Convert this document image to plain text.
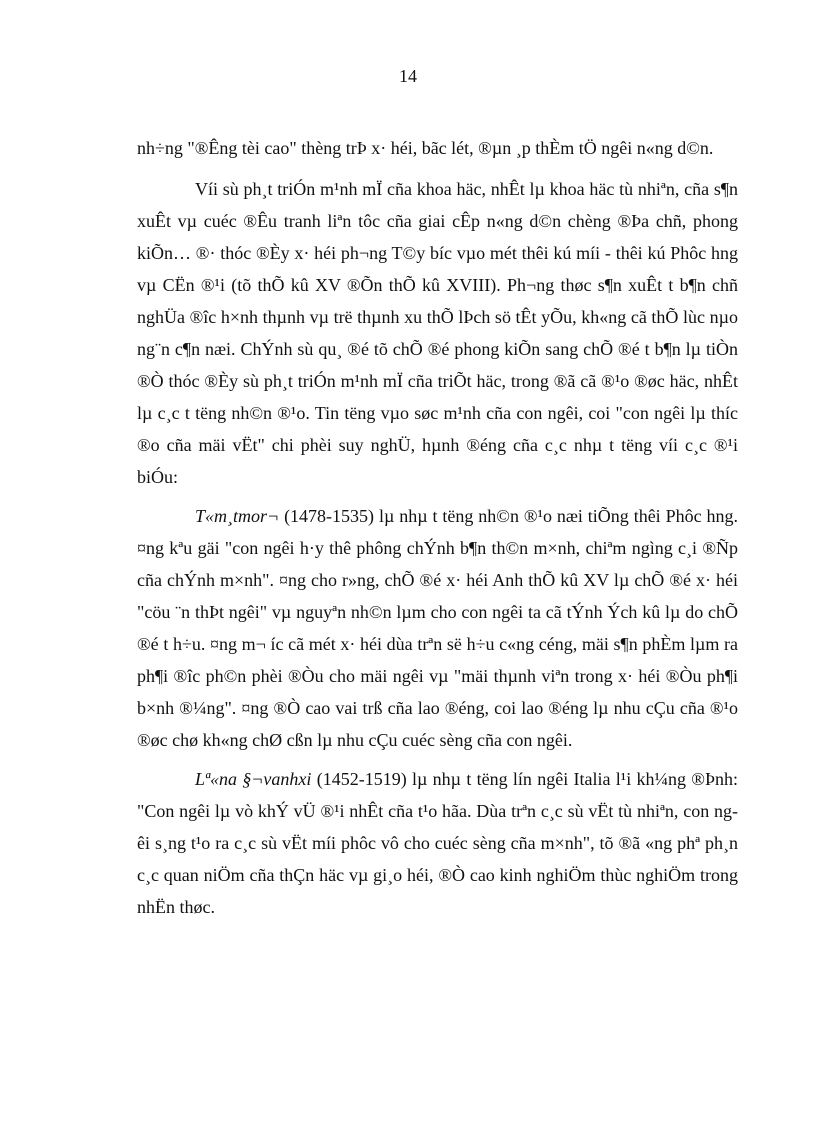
14

nh÷ng "®Êng tèi cao" thèng trÞ x· héi, bãc lét, ®µn ¸p thÈm tÖ ngêi n«ng d©n.

Víi sù ph¸t triÓn m¹nh mÏ cña khoa häc, nhÊt lµ khoa häc tù nhiªn, cña s¶n xuÊt vµ cuéc ®Êu tranh liªn tôc cña giai cÊp n«ng d©n chèng ®Þa chñ, phong kiÕn… ®· thóc ®Èy x· héi ph¬ng T©y bíc vµo mét thêi kú míi - thêi kú Phôc hng vµ CËn ®¹i (tõ thÕ kû XV ®Õn thÕ kû XVIII). Ph¬ng thøc s¶n xuÊt t b¶n chñ nghÜa ®îc h×nh thµnh vµ trë thµnh xu thÕ lÞch sö tÊt yÕu, kh«ng cã thÕ lùc nµo ng¨n c¶n næi. ChÝnh sù qu¸ ®é tõ chÕ ®é phong kiÕn sang chÕ ®é t b¶n lµ tiÒn ®Ò thóc ®Èy sù ph¸t triÓn m¹nh mÏ cña triÕt häc, trong ®ã cã ®¹o ®øc häc, nhÊt lµ c¸c t tëng nh©n ®¹o. Tin tëng vµo søc m¹nh cña con ngêi, coi "con ngêi lµ thíc ®o cña mäi vËt" chi phèi suy nghÜ, hµnh ®éng cña c¸c nhµ t tëng víi c¸c ®¹i biÓu:

T«m¸tmor¬ (1478-1535) lµ nhµ t tëng nh©n ®¹o næi tiÕng thêi Phôc hng. ¤ng kªu gäi "con ngêi h·y thê phông chÝnh b¶n th©n m×nh, chiªm ngìng c¸i ®Ñp cña chÝnh m×nh". ¤ng cho r»ng, chÕ ®é x· héi Anh thÕ kû XV lµ chÕ ®é x· héi "cöu ¨n thÞt ngêi" vµ nguyªn nh©n lµm cho con ngêi ta cã tÝnh Ých kû lµ do chÕ ®é t h÷u. ¤ng m¬ íc cã mét x· héi dùa trªn së h÷u c«ng céng, mäi s¶n phÈm lµm ra ph¶i ®îc ph©n phèi ®Òu cho mäi ngêi vµ "mäi thµnh viªn trong x· héi ®Òu ph¶i b×nh ®¼ng". ¤ng ®Ò cao vai trß cña lao ®éng, coi lao ®éng lµ nhu cÇu cña ®¹o ®øc chø kh«ng chØ cßn lµ nhu cÇu cuéc sèng cña con ngêi.

Lª«na §¬vanhxi (1452-1519) lµ nhµ t tëng lín ngêi Italia l¹i kh¼ng ®Þnh: "Con ngêi lµ vò khÝ vÜ ®¹i nhÊt cña t¹o hãa. Dùa trªn c¸c sù vËt tù nhiªn, con ngêi s¸ng t¹o ra c¸c sù vËt míi phôc vô cho cuéc sèng cña m×nh", tõ ®ã «ng phª ph¸n c¸c quan niÖm cña thÇn häc vµ gi¸o héi, ®Ò cao kinh nghiÖm thùc nghiÖm trong nhËn thøc.
